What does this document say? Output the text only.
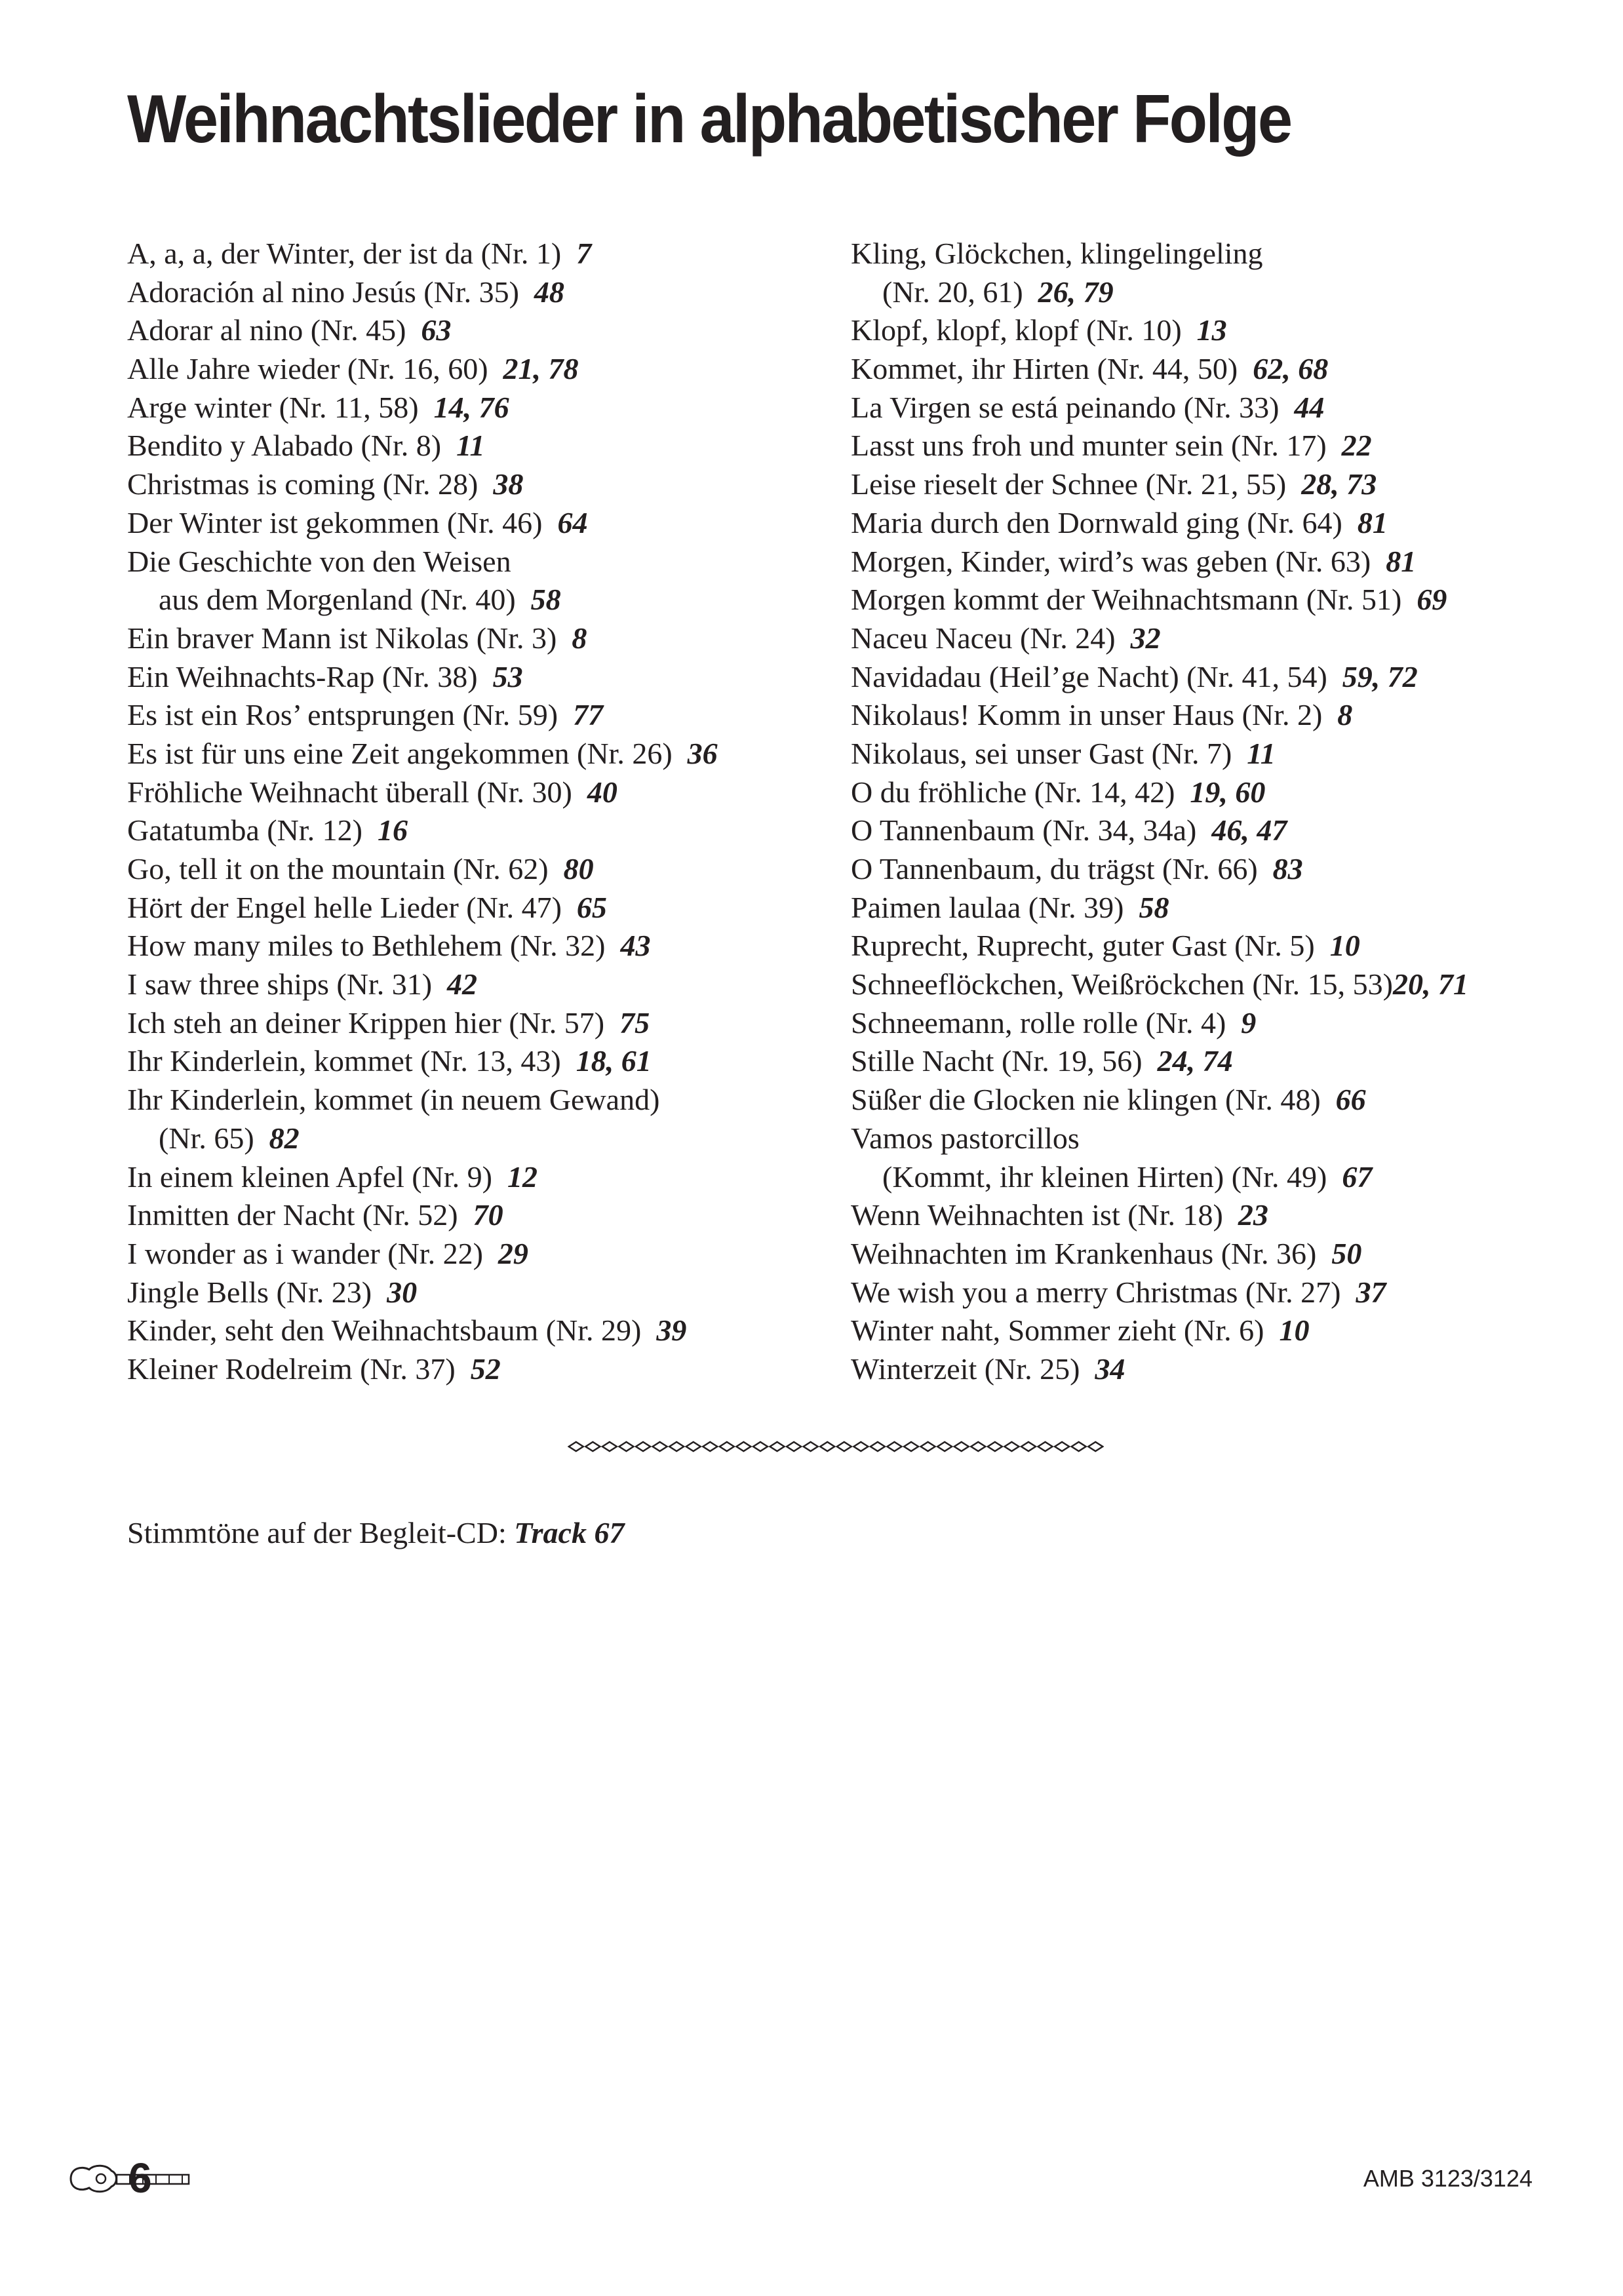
Weihnachtslieder in alphabetischer Folge
A, a, a, der Winter, der ist da (Nr. 1)  7
Adoración al nino Jesús (Nr. 35)  48
Adorar al nino (Nr. 45)  63
Alle Jahre wieder (Nr. 16, 60)  21, 78
Arge winter (Nr. 11, 58)  14, 76
Bendito y Alabado (Nr. 8)  11
Christmas is coming (Nr. 28)  38
Der Winter ist gekommen (Nr. 46)  64
Die Geschichte von den Weisen
aus dem Morgenland (Nr. 40)  58
Ein braver Mann ist Nikolas (Nr. 3)  8
Ein Weihnachts-Rap (Nr. 38)  53
Es ist ein Ros’ entsprungen (Nr. 59)  77
Es ist für uns eine Zeit angekommen (Nr. 26)  36
Fröhliche Weihnacht überall (Nr. 30)  40
Gatatumba (Nr. 12)  16
Go, tell it on the mountain (Nr. 62)  80
Hört der Engel helle Lieder (Nr. 47)  65
How many miles to Bethlehem (Nr. 32)  43
I saw three ships (Nr. 31)  42
Ich steh an deiner Krippen hier (Nr. 57)  75
Ihr Kinderlein, kommet (Nr. 13, 43)  18, 61
Ihr Kinderlein, kommet (in neuem Gewand)
(Nr. 65)  82
In einem kleinen Apfel (Nr. 9)  12
Inmitten der Nacht (Nr. 52)  70
I wonder as i wander (Nr. 22)  29
Jingle Bells (Nr. 23)  30
Kinder, seht den Weihnachtsbaum (Nr. 29)  39
Kleiner Rodelreim (Nr. 37)  52
Kling, Glöckchen, klingelingeling
(Nr. 20, 61)  26, 79
Klopf, klopf, klopf (Nr. 10)  13
Kommet, ihr Hirten (Nr. 44, 50)  62, 68
La Virgen se está peinando (Nr. 33)  44
Lasst uns froh und munter sein (Nr. 17)  22
Leise rieselt der Schnee (Nr. 21, 55)  28, 73
Maria durch den Dornwald ging (Nr. 64)  81
Morgen, Kinder, wird’s was geben (Nr. 63)  81
Morgen kommt der Weihnachtsmann (Nr. 51)  69
Naceu Naceu (Nr. 24)  32
Navidadau (Heil’ge Nacht) (Nr. 41, 54)  59, 72
Nikolaus! Komm in unser Haus (Nr. 2)  8
Nikolaus, sei unser Gast (Nr. 7)  11
O du fröhliche (Nr. 14, 42)  19, 60
O Tannenbaum (Nr. 34, 34a)  46, 47
O Tannenbaum, du trägst (Nr. 66)  83
Paimen laulaa (Nr. 39)  58
Ruprecht, Ruprecht, guter Gast (Nr. 5)  10
Schneeflöckchen, Weißröckchen (Nr. 15, 53)20, 71
Schneemann, rolle rolle (Nr. 4)  9
Stille Nacht (Nr. 19, 56)  24, 74
Süßer die Glocken nie klingen (Nr. 48)  66
Vamos pastorcillos
(Kommt, ihr kleinen Hirten) (Nr. 49)  67
Wenn Weihnachten ist (Nr. 18)  23
Weihnachten im Krankenhaus (Nr. 36)  50
We wish you a merry Christmas (Nr. 27)  37
Winter naht, Sommer zieht (Nr. 6)  10
Winterzeit (Nr. 25)  34
Stimmtöne auf der Begleit-CD: Track 67
6	AMB 3123/3124
